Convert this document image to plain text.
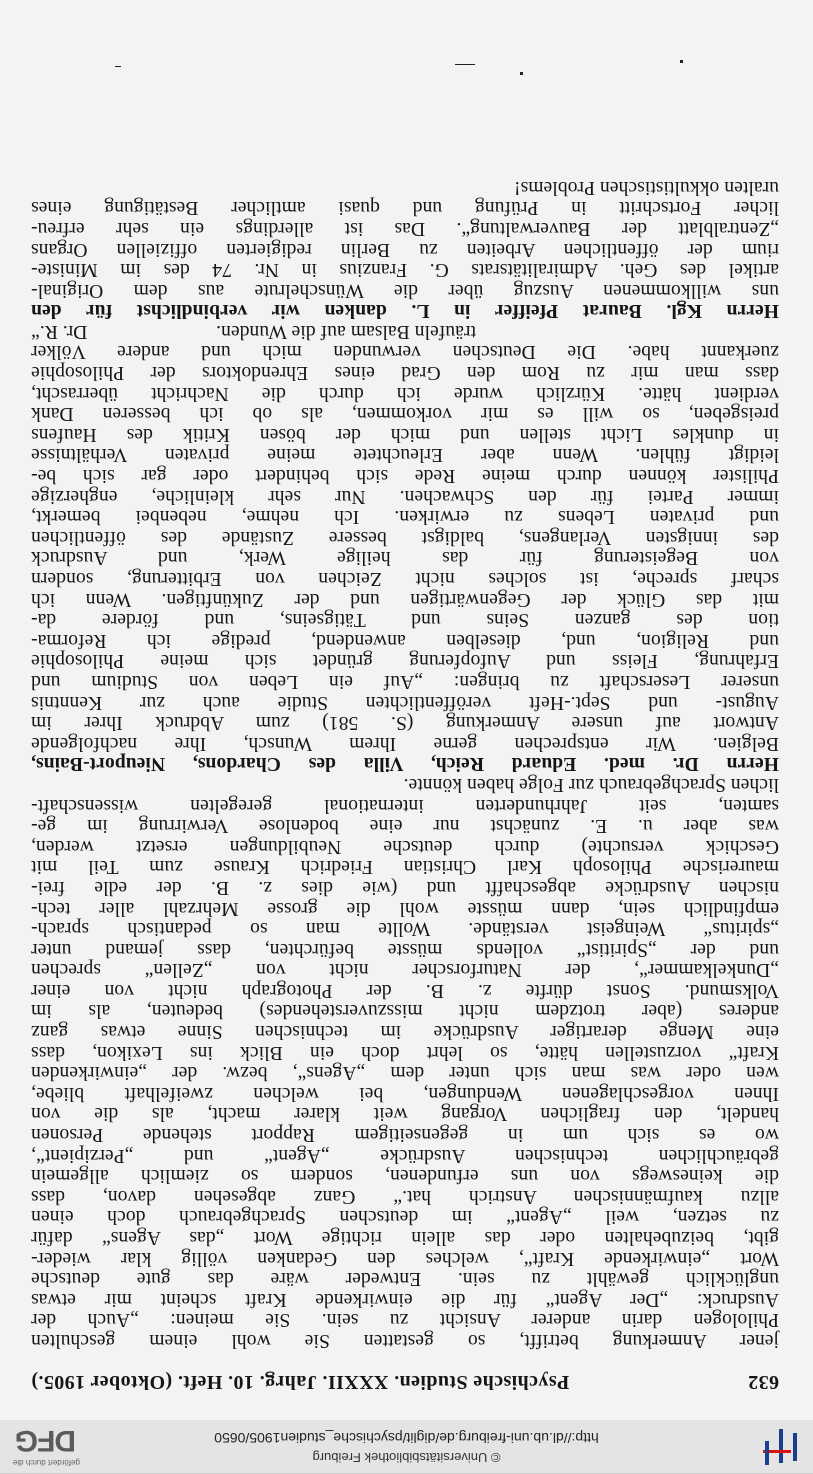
© Universitätsbibliothek Freiburg
http://dl.ub.uni-freiburg.de/diglit/psychische_studien1905/0650
gefördert durch die
DFG
632
Psychische Studien. XXXII. Jahrg. 10. Heft. (Oktober 1905.)
jener Anmerkung betrifft, so gestatten Sie wohl einem geschulten
Philologen darin anderer Ansicht zu sein. Sie meinen: „Auch der
Ausdruck: „Der Agent“ für die einwirkende Kraft scheint mir etwas
unglücklich gewählt zu sein. Entweder wäre das gute deutsche
Wort „einwirkende Kraft“, welches den Gedanken völlig klar wieder-
gibt, beizubehalten oder das allein richtige Wort „das Agens“ dafür
zu setzen, weil „Agent“ im deutschen Sprachgebrauch doch einen
allzu kaufmännischen Anstrich hat.“ Ganz abgesehen davon, dass
die keineswegs von uns erfundenen, sondern so ziemlich allgemein
gebräuchlichen technischen Ausdrücke „Agent“ und „Perzipient“,
wo es sich um in gegenseitigem Rapport stehende Personen
handelt, den fraglichen Vorgang weit klarer macht, als die von
Ihnen vorgeschlagenen Wendungen, bei welchen zweifelhaft bliebe,
wen oder was man sich unter dem „Agens“, bezw. der „einwirkenden
Kraft“ vorzustellen hätte, so lehrt doch ein Blick ins Lexikon, dass
eine Menge derartiger Ausdrücke im technischen Sinne etwas ganz
anderes (aber trotzdem nicht misszuverstehendes) bedeuten, als im
Volksmund. Sonst dürfte z. B. der Photograph nicht von einer
„Dunkelkammer“, der Naturforscher nicht von „Zellen“ sprechen
und der „Spiritist“ vollends müsste befürchten, dass jemand unter
„spiritus“ Weingeist verstände. Wollte man so pedantisch sprach-
empfindlich sein, dann müsste wohl die grosse Mehrzahl aller tech-
nischen Ausdrücke abgeschafft und (wie dies z. B. der edle frei-
maurerische Philosoph Karl Christian Friedrich Krause zum Teil mit
Geschick versuchte) durch deutsche Neubildungen ersetzt werden,
was aber u. E. zunächst nur eine bodenlose Verwirrung im ge-
samten, seit Jahrhunderten international geregelten wissenschaft-
lichen Sprachgebrauch zur Folge haben könnte.
Herrn Dr. med. Eduard Reich, Villa des Chardons, Nieuport-Bains,
Belgien. Wir entsprechen gerne Ihrem Wunsch, Ihre nachfolgende
Antwort auf unsere Anmerkung (S. 581) zum Abdruck Ihrer im
August- und Sept.-Heft veröffentlichten Studie auch zur Kenntnis
unserer Leserschaft zu bringen: „Auf ein Leben von Studium und
Erfahrung, Fleiss und Aufopferung gründet sich meine Philosophie
und Religion, und, dieselben anwendend, predige ich Reforma-
tion des ganzen Seins und Tätigseins, und fördere da-
mit das Glück der Gegenwärtigen und der Zukünftigen. Wenn ich
scharf spreche, ist solches nicht Zeichen von Erbitterung, sondern
von Begeisterung für das heilige Werk, und Ausdruck
des innigsten Verlangens, baldigst bessere Zustände des öffentlichen
und privaten Lebens zu erwirken. Ich nehme, nebenbei bemerkt,
immer Partei für den Schwachen. Nur sehr kleinliche, engherzige
Philister können durch meine Rede sich behindert oder gar sich be-
leidigt fühlen. Wenn aber Erleuchtete meine privaten Verhältnisse
in dunkles Licht stellen und mich der bösen Kritik des Haufens
preisgeben, so will es mir vorkommen, als ob ich besseren Dank
verdient hätte. Kürzlich wurde ich durch die Nachricht überrascht,
dass man mir zu Rom den Grad eines Ehrendoktors der Philosophie
zuerkannt habe. Die Deutschen verwunden mich und andere Völker
träufeln Balsam auf die Wunden.                          Dr. R.“
Herrn Kgl. Baurat Pfeiffer in L. danken wir verbindlichst für den
uns willkommenen Auszug über die Wünschelrute aus dem Original-
artikel des Geh. Admiralitätsrats G. Franzius in Nr. 74 des im Ministe-
rium der öffentlichen Arbeiten zu Berlin redigierten offiziellen Organs
„Zentralblatt der Bauverwaltung“. Das ist allerdings ein sehr erfreu-
licher Fortschritt in Prüfung und quasi amtlicher Bestätigung eines
uralten okkultistischen Problems!
